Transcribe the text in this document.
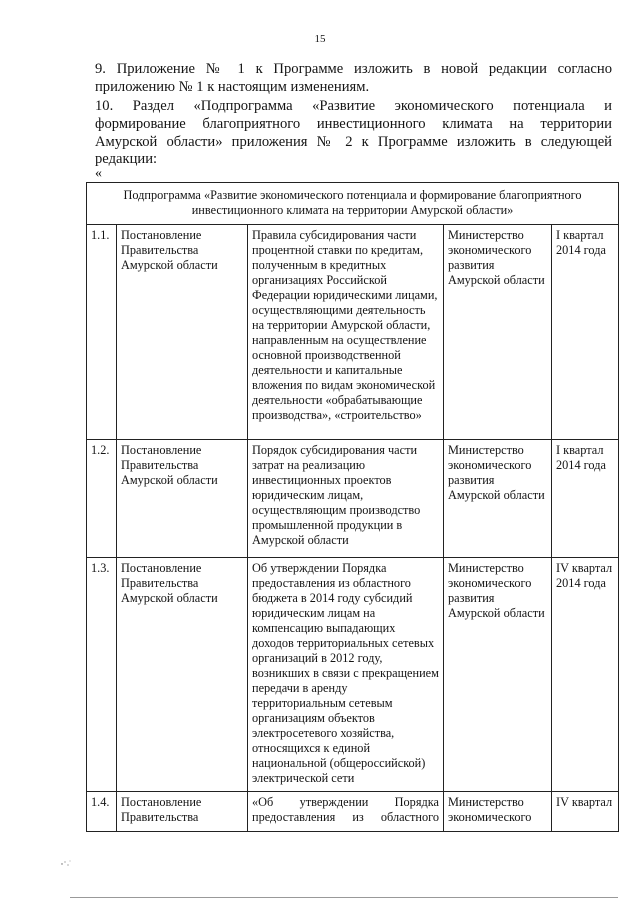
15

9. Приложение № 1 к Программе изложить в новой редакции согласно

приложению № 1 к настоящим изменениям.

10. Раздел «Подпрограмма «Развитие экономического потенциала и

формирование благоприятного инвестиционного климата на территории

Амурской области» приложения № 2 к Программе изложить в следующей

редакции:

«
Подпрограмма «Развитие экономического потенциала и формирование благоприятного инвестиционного климата на территории Амурской области»				
1.1.	Постановление Правительства Амурской области	Правила субсидирования части процентной ставки по кредитам, полученным в кредитных организациях Российской Федерации юридическими лицами, осуществляющими деятельность на территории Амурской области, направленным на осуществление основной производственной деятельности и капитальные вложения по видам экономической деятельности «обрабатывающие производства», «строительство»	Министерство экономического развития Амурской области	I квартал 2014 года
1.2.	Постановление Правительства Амурской области	Порядок субсидирования части затрат на реализацию инвестиционных проектов юридическим лицам, осуществляющим производство промышленной продукции в Амурской области	Министерство экономического развития Амурской области	I квартал 2014 года
1.3.	Постановление Правительства Амурской области	Об утверждении Порядка предоставления из областного бюджета в 2014 году субсидий юридическим лицам на компенсацию выпадающих доходов территориальных сетевых организаций в 2012 году, возникших в связи с прекращением передачи в аренду территориальным сетевым организациям объектов электросетевого хозяйства, относящихся к единой национальной (общероссийской) электрической сети	Министерство экономического развития Амурской области	IV квартал 2014 года
1.4.	Постановление Правительства	«Об утверждении Порядка предоставления из областного	Министерство экономического	IV квартал
